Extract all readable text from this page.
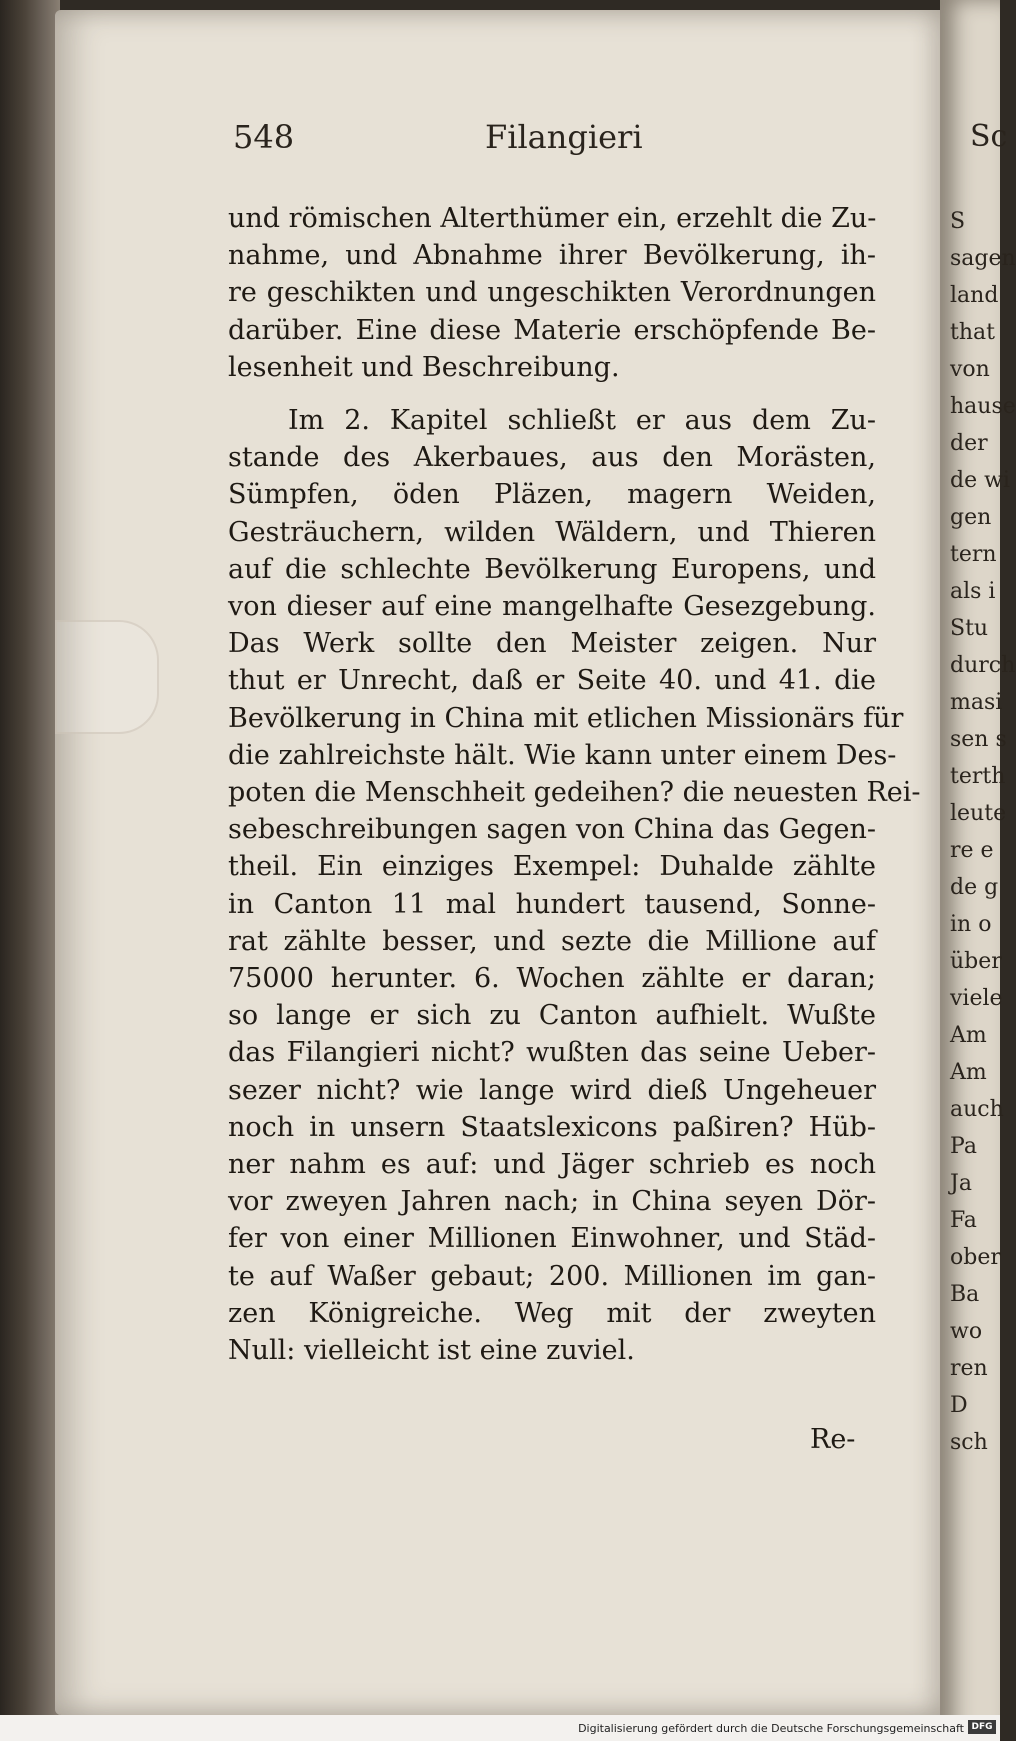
548	Filangieri
und römischen Alterthümer ein, erzehlt die Zu-
nahme, und Abnahme ihrer Bevölkerung, ih-
re geschikten und ungeschikten Verordnungen
darüber. Eine diese Materie erschöpfende Be-
lesenheit und Beschreibung.
Im 2. Kapitel schließt er aus dem Zu-
stande des Akerbaues, aus den Morästen,
Sümpfen, öden Pläzen, magern Weiden,
Gesträuchern, wilden Wäldern, und Thieren
auf die schlechte Bevölkerung Europens, und
von dieser auf eine mangelhafte Gesezgebung.
Das Werk sollte den Meister zeigen. Nur
thut er Unrecht, daß er Seite 40. und 41. die
Bevölkerung in China mit etlichen Missionärs für
die zahlreichste hält. Wie kann unter einem Des-
poten die Menschheit gedeihen? die neuesten Rei-
sebeschreibungen sagen von China das Gegen-
theil. Ein einziges Exempel: Duhalde zählte
in Canton 11 mal hundert tausend, Sonne-
rat zählte besser, und sezte die Millione auf
75000 herunter. 6. Wochen zählte er daran;
so lange er sich zu Canton aufhielt. Wußte
das Filangieri nicht? wußten das seine Ueber-
sezer nicht? wie lange wird dieß Ungeheuer
noch in unsern Staatslexicons paßiren? Hüb-
ner nahm es auf: und Jäger schrieb es noch
vor zweyen Jahren nach; in China seyen Dör-
fer von einer Millionen Einwohner, und Städ-
te auf Waßer gebaut; 200. Millionen im gan-
zen Königreiche. Weg mit der zweyten
Null: vielleicht ist eine zuviel.
Re-
Sc
S
sagen
land
that
von
hause
der
de wi
gen
tern
als i
Stu
durch
masi
sen s
terth
leute
re e
de g
in o
über
viele
Am
Am
auch
Pa
Ja
Fa
ober
Ba
wo
ren
D
sch
Digitalisierung gefördert durch die Deutsche Forschungsgemeinschaft DFG
